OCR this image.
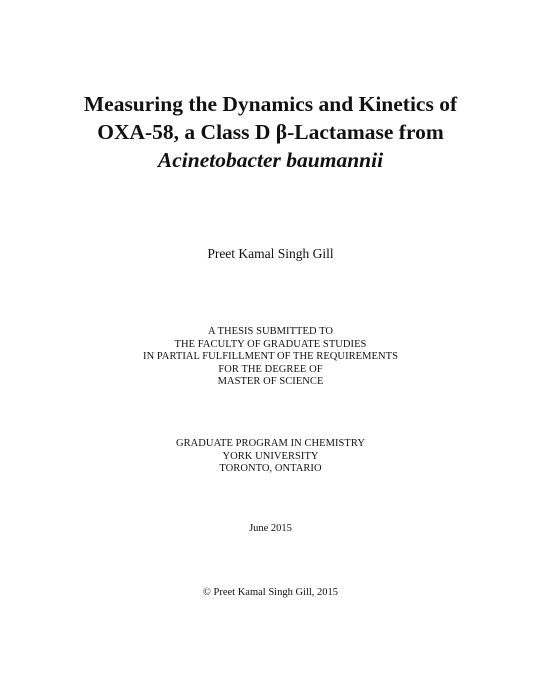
Measuring the Dynamics and Kinetics of
OXA-58, a Class D β-Lactamase from
Acinetobacter baumannii
Preet Kamal Singh Gill
A THESIS SUBMITTED TO
THE FACULTY OF GRADUATE STUDIES
IN PARTIAL FULFILLMENT OF THE REQUIREMENTS
FOR THE DEGREE OF
MASTER OF SCIENCE
GRADUATE PROGRAM IN CHEMISTRY
YORK UNIVERSITY
TORONTO, ONTARIO
June 2015
© Preet Kamal Singh Gill, 2015
